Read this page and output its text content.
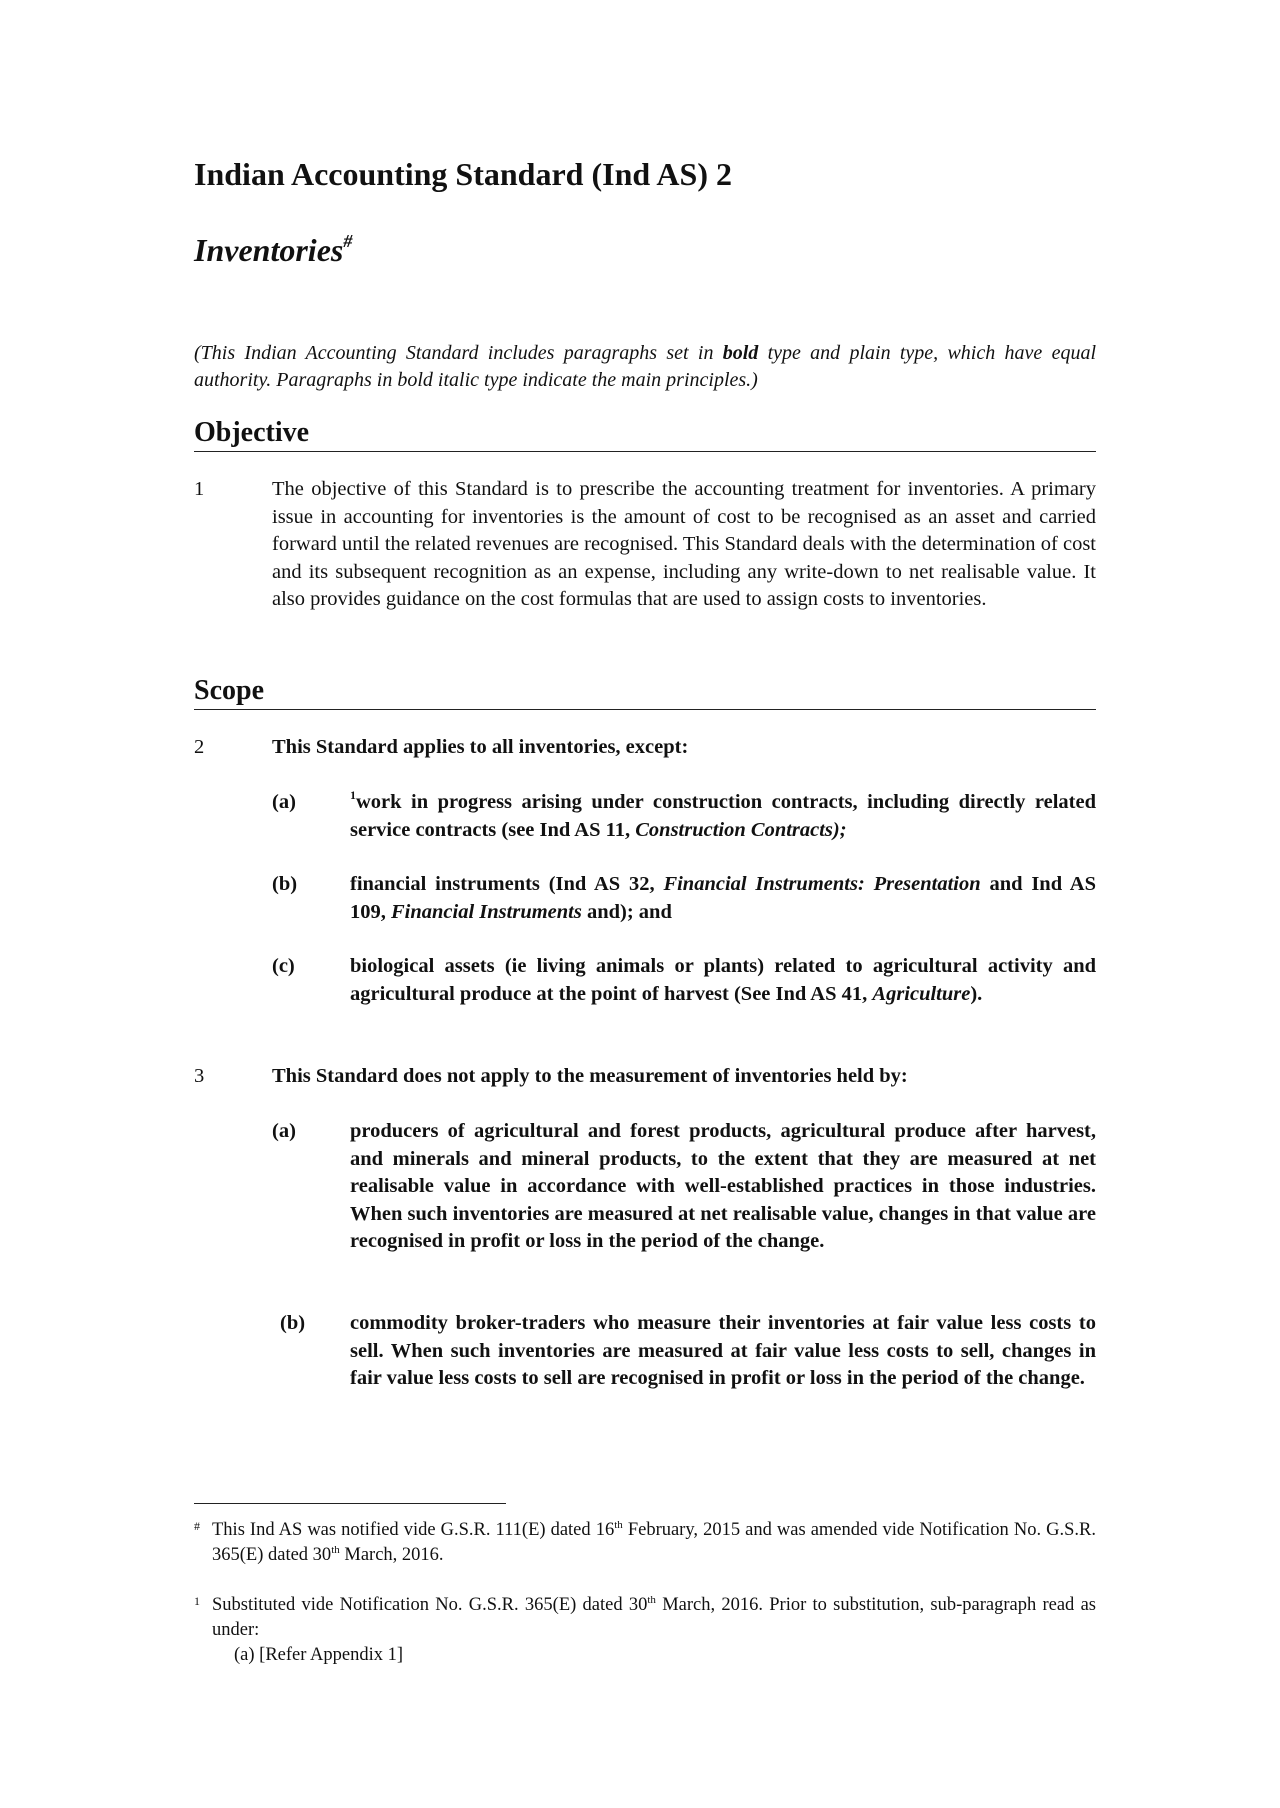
Indian Accounting Standard (Ind AS) 2
Inventories#

(This Indian Accounting Standard includes paragraphs set in bold type and plain type, which have equal authority. Paragraphs in bold italic type indicate the main principles.)

Objective
1	The objective of this Standard is to prescribe the accounting treatment for inventories. A primary issue in accounting for inventories is the amount of cost to be recognised as an asset and carried forward until the related revenues are recognised. This Standard deals with the determination of cost and its subsequent recognition as an expense, including any write-down to net realisable value. It also provides guidance on the cost formulas that are used to assign costs to inventories.
Scope
2	This Standard applies to all inventories, except:
(a)	$^1$work in progress arising under construction contracts, including directly related service contracts (see Ind AS 11, Construction Contracts);
(b)	financial instruments (Ind AS 32, Financial Instruments: Presentation and Ind AS 109, Financial Instruments and); and
(c)	biological assets (ie living animals or plants) related to agricultural activity and agricultural produce at the point of harvest (See Ind AS 41, Agriculture).
3	This Standard does not apply to the measurement of inventories held by:
(a)	producers of agricultural and forest products, agricultural produce after harvest, and minerals and mineral products, to the extent that they are measured at net realisable value in accordance with well-established practices in those industries. When such inventories are measured at net realisable value, changes in that value are recognised in profit or loss in the period of the change.
(b) commodity broker-traders who measure their inventories at fair value less costs to sell. When such inventories are measured at fair value less costs to sell, changes in fair value less costs to sell are recognised in profit or loss in the period of the change.
# This Ind AS was notified vide G.S.R. 111(E) dated 16th February, 2015 and was amended vide Notification No. G.S.R. 365(E) dated 30th March, 2016.
1 Substituted vide Notification No. G.S.R. 365(E) dated 30th March, 2016. Prior to substitution, sub-paragraph read as under:
(a) [Refer Appendix 1]
